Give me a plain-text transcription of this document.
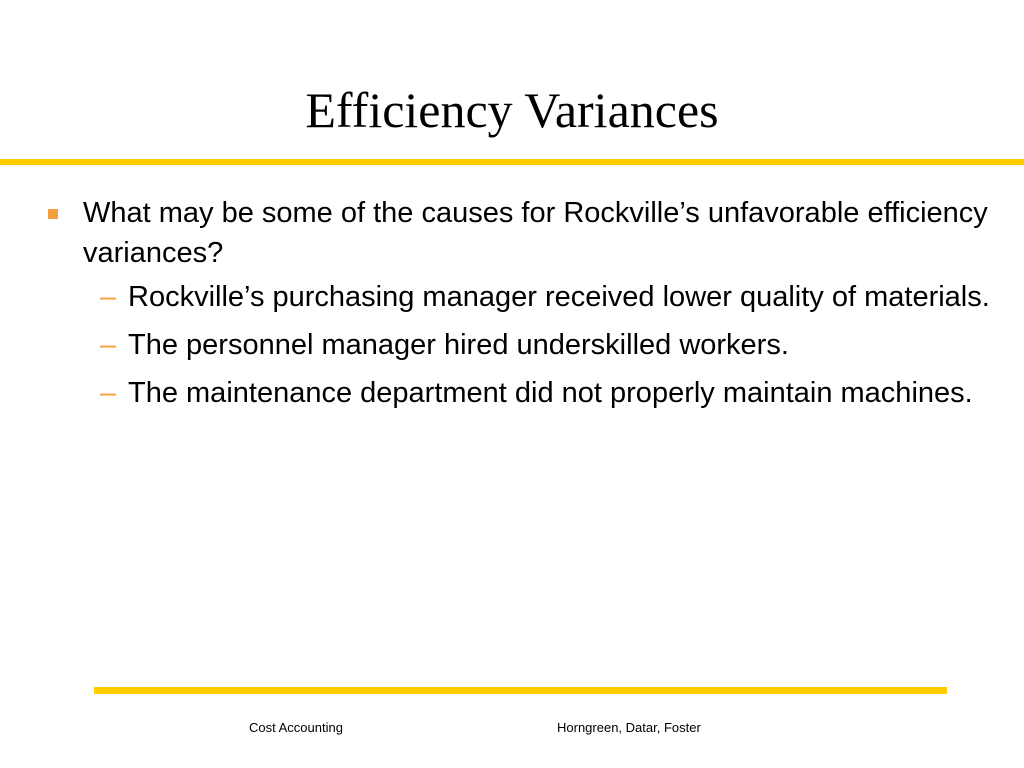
Efficiency Variances
What may be some of the causes for Rockville’s unfavorable efficiency variances?
– Rockville’s purchasing manager received lower quality of materials.
– The personnel manager hired underskilled workers.
– The maintenance department did not properly maintain machines.
Cost Accounting	Horngreen, Datar, Foster
